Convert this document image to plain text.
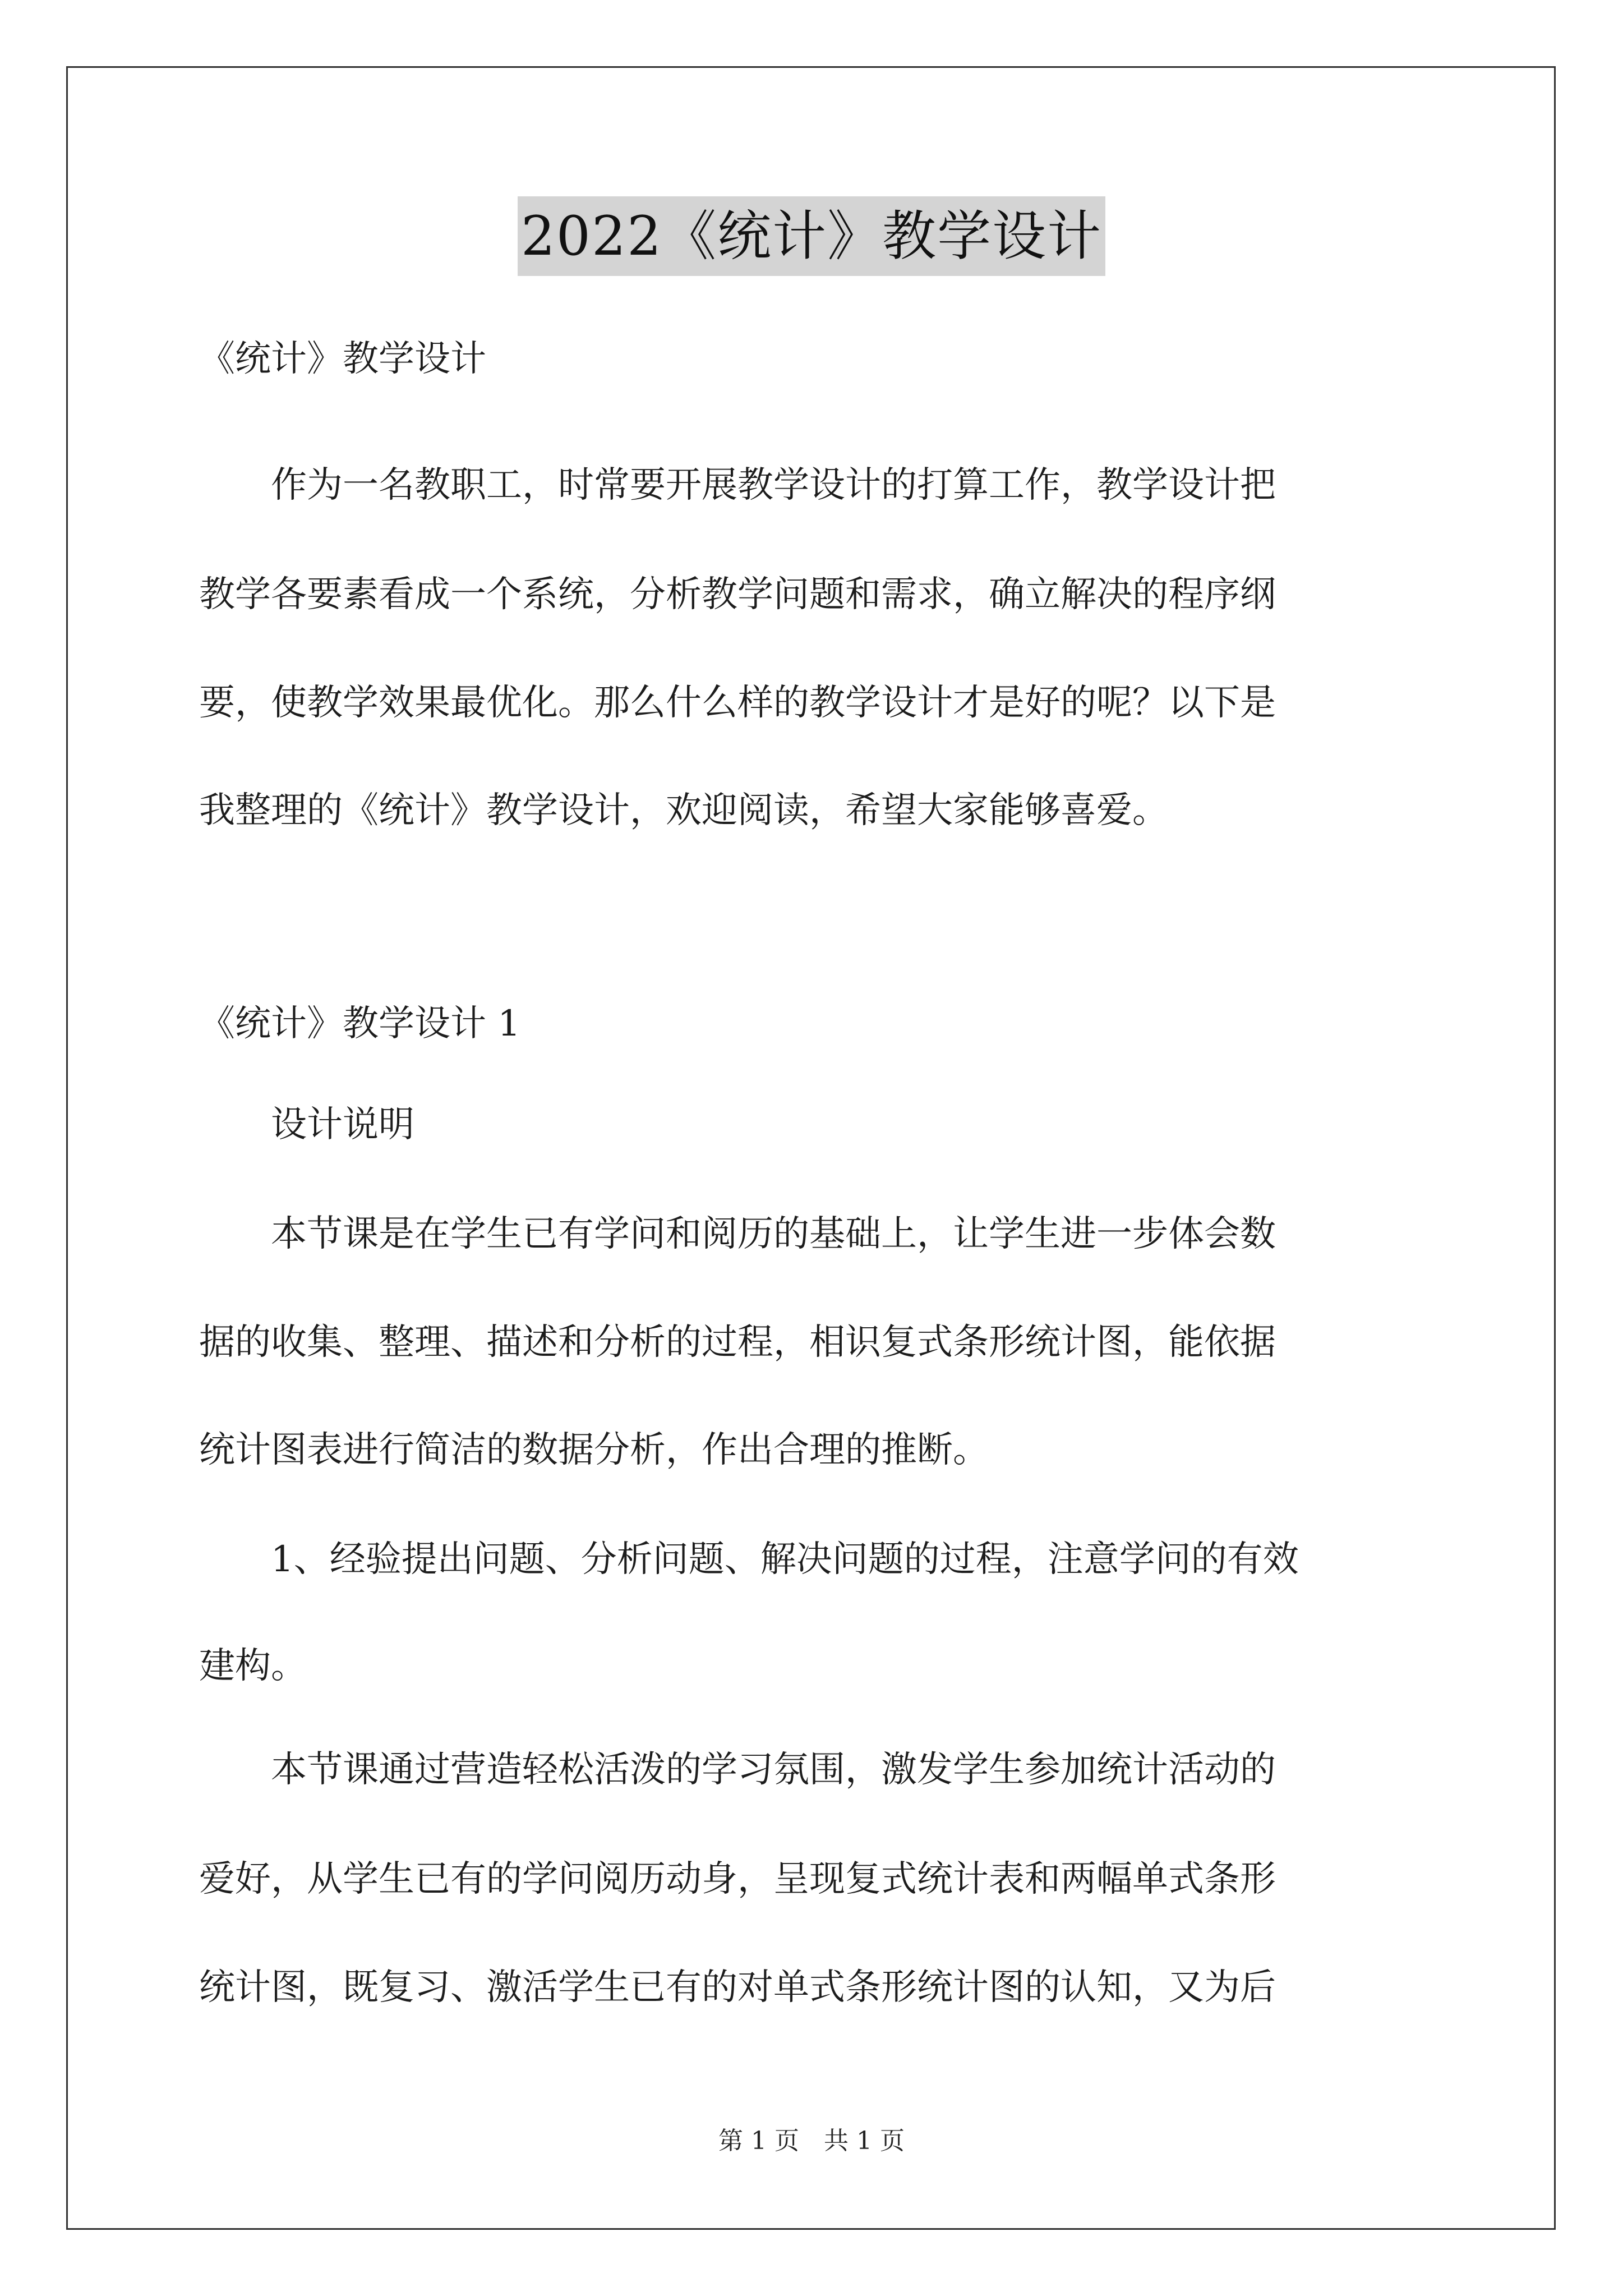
2022《统计》教学设计
《统计》教学设计
　　作为一名教职工，时常要开展教学设计的打算工作，教学设计把
教学各要素看成一个系统，分析教学问题和需求，确立解决的程序纲
要，使教学效果最优化。那么什么样的教学设计才是好的呢？以下是
我整理的《统计》教学设计，欢迎阅读，希望大家能够喜爱。
《统计》教学设计 1
　　设计说明
　　本节课是在学生已有学问和阅历的基础上，让学生进一步体会数
据的收集、整理、描述和分析的过程，相识复式条形统计图，能依据
统计图表进行简洁的数据分析，作出合理的推断。
　　1、经验提出问题、分析问题、解决问题的过程，注意学问的有效
建构。
　　本节课通过营造轻松活泼的学习氛围，激发学生参加统计活动的
爱好，从学生已有的学问阅历动身，呈现复式统计表和两幅单式条形
统计图，既复习、激活学生已有的对单式条形统计图的认知，又为后
第 1 页　共 1 页
